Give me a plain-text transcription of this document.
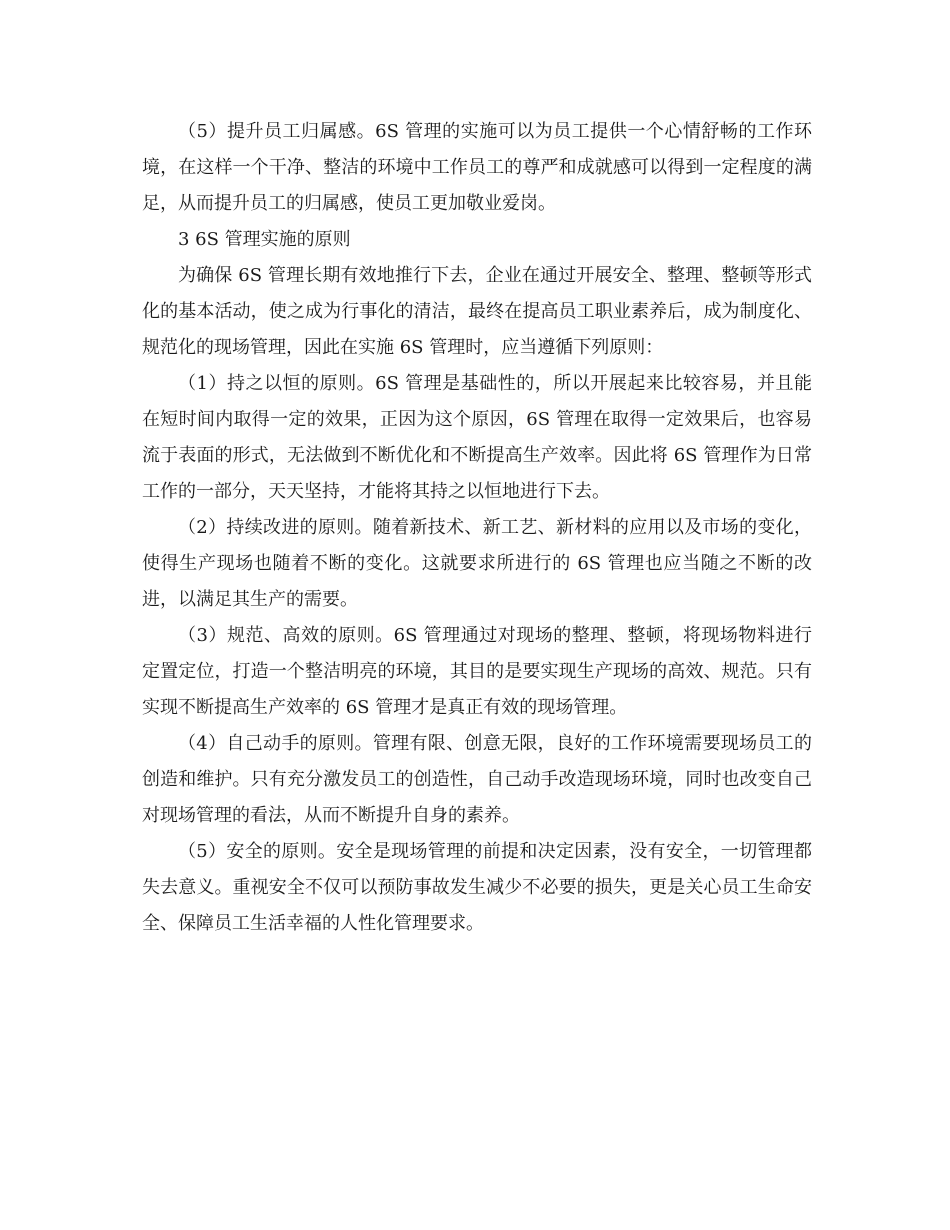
（5）提升员工归属感。6S 管理的实施可以为员工提供一个心情舒畅的工作环境，在这样一个干净、整洁的环境中工作员工的尊严和成就感可以得到一定程度的满足，从而提升员工的归属感，使员工更加敬业爱岗。

3 6S 管理实施的原则

为确保 6S 管理长期有效地推行下去，企业在通过开展安全、整理、整顿等形式化的基本活动，使之成为行事化的清洁，最终在提高员工职业素养后，成为制度化、规范化的现场管理，因此在实施 6S 管理时，应当遵循下列原则：

（1）持之以恒的原则。6S 管理是基础性的，所以开展起来比较容易，并且能在短时间内取得一定的效果，正因为这个原因，6S 管理在取得一定效果后，也容易流于表面的形式，无法做到不断优化和不断提高生产效率。因此将 6S 管理作为日常工作的一部分，天天坚持，才能将其持之以恒地进行下去。

（2）持续改进的原则。随着新技术、新工艺、新材料的应用以及市场的变化，使得生产现场也随着不断的变化。这就要求所进行的 6S 管理也应当随之不断的改进，以满足其生产的需要。

（3）规范、高效的原则。6S 管理通过对现场的整理、整顿，将现场物料进行定置定位，打造一个整洁明亮的环境，其目的是要实现生产现场的高效、规范。只有实现不断提高生产效率的 6S 管理才是真正有效的现场管理。

（4）自己动手的原则。管理有限、创意无限，良好的工作环境需要现场员工的创造和维护。只有充分激发员工的创造性，自己动手改造现场环境，同时也改变自己对现场管理的看法，从而不断提升自身的素养。

（5）安全的原则。安全是现场管理的前提和决定因素，没有安全，一切管理都失去意义。重视安全不仅可以预防事故发生减少不必要的损失，更是关心员工生命安全、保障员工生活幸福的人性化管理要求。
